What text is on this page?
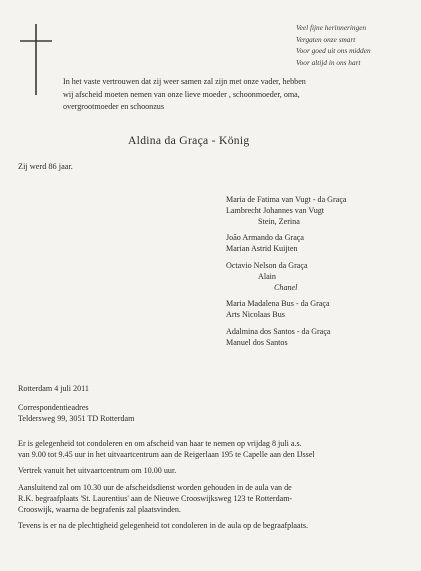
Veel fijne herinneringen
Vergaten onze smart
Voor goed uit ons midden
Voor altijd in ons hart
In het vaste vertrouwen dat zij weer samen zal zijn met onze vader, hebben
wij afscheid moeten nemen van onze lieve moeder , schoonmoeder, oma,
overgrootmoeder en schoonzus
Aldina da Graça - König
Zij werd 86 jaar.
Maria de Fatima van Vugt - da Graça
Lambrecht Johannes van Vugt
Stein, Zerina
João Armando da Graça
Marian Astrid Kuijten
Octavio Nelson da Graça
Alain
Chanel
Maria Madalena Bus - da Graça
Arts Nicolaas Bus
Adalmina dos Santos - da Graça
Manuel dos Santos
Rotterdam 4 juli 2011
Correspondentieadres
Teldersweg 99, 3051 TD Rotterdam
Er is gelegenheid tot condoleren en om afscheid van haar te nemen op vrijdag 8 juli a.s.
van 9.00 tot 9.45 uur in het uitvaartcentrum aan de Reigerlaan 195 te Capelle aan den IJssel
Vertrek vanuit het uitvaartcentrum om 10.00 uur.
Aansluitend zal om 10.30 uur de afscheidsdienst worden gehouden in de aula van de
R.K. begraafplaats 'St. Laurentius' aan de Nieuwe Crooswijksweg 123 te Rotterdam-
Crooswijk, waarna de begrafenis zal plaatsvinden.
Tevens is er na de plechtigheid gelegenheid tot condoleren in de aula op de begraafplaats.
